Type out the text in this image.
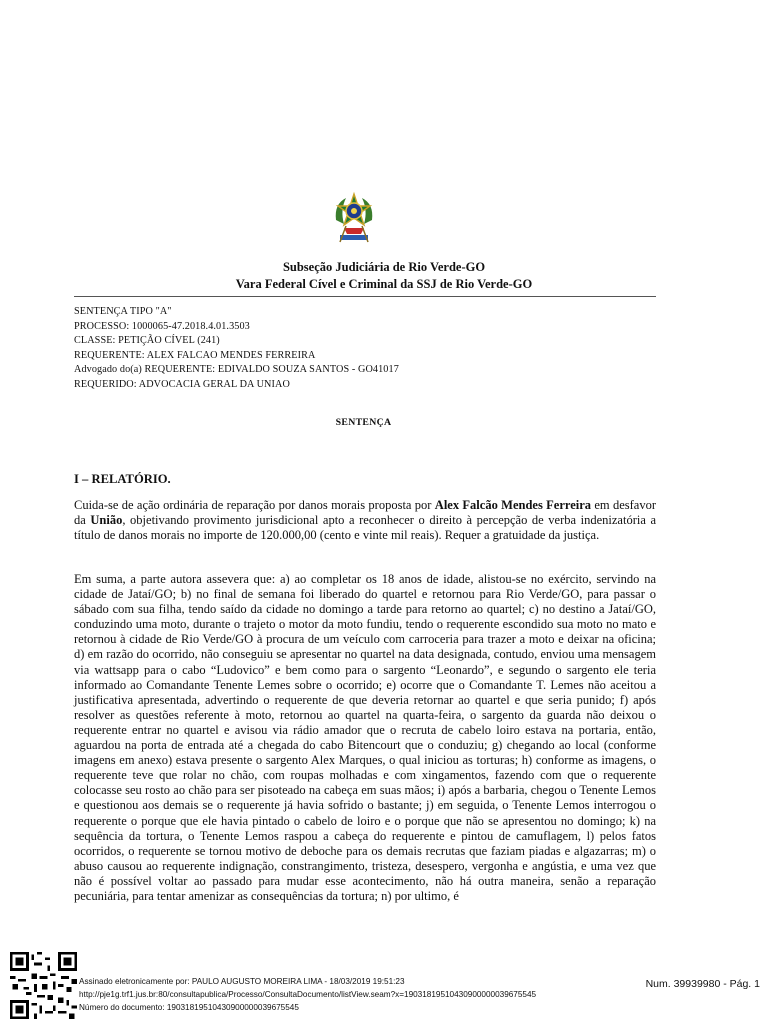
Subseção Judiciária de Rio Verde-GO
Vara Federal Cível e Criminal da SSJ de Rio Verde-GO
SENTENÇA TIPO "A"
PROCESSO: 1000065-47.2018.4.01.3503
CLASSE: PETIÇÃO CÍVEL (241)
REQUERENTE: ALEX FALCAO MENDES FERREIRA
Advogado do(a) REQUERENTE: EDIVALDO SOUZA SANTOS - GO41017
REQUERIDO: ADVOCACIA GERAL DA UNIAO
SENTENÇA
I – RELATÓRIO.
Cuida-se de ação ordinária de reparação por danos morais proposta por Alex Falcão Mendes Ferreira em desfavor da União, objetivando provimento jurisdicional apto a reconhecer o direito à percepção de verba indenizatória a título de danos morais no importe de 120.000,00 (cento e vinte mil reais). Requer a gratuidade da justiça.
Em suma, a parte autora assevera que: a) ao completar os 18 anos de idade, alistou-se no exército, servindo na cidade de Jataí/GO; b) no final de semana foi liberado do quartel e retornou para Rio Verde/GO, para passar o sábado com sua filha, tendo saído da cidade no domingo a tarde para retorno ao quartel; c) no destino a Jataí/GO, conduzindo uma moto, durante o trajeto o motor da moto fundiu, tendo o requerente escondido sua moto no mato e retornou à cidade de Rio Verde/GO à procura de um veículo com carroceria para trazer a moto e deixar na oficina; d) em razão do ocorrido, não conseguiu se apresentar no quartel na data designada, contudo, enviou uma mensagem via wattsapp para o cabo “Ludovico” e bem como para o sargento “Leonardo”, e segundo o sargento ele teria informado ao Comandante Tenente Lemes sobre o ocorrido; e) ocorre que o Comandante T. Lemes não aceitou a justificativa apresentada, advertindo o requerente de que deveria retornar ao quartel e que seria punido; f) após resolver as questões referente à moto, retornou ao quartel na quarta-feira, o sargento da guarda não deixou o requerente entrar no quartel e avisou via rádio amador que o recruta de cabelo loiro estava na portaria, então, aguardou na porta de entrada até a chegada do cabo Bitencourt que o conduziu; g) chegando ao local (conforme imagens em anexo) estava presente o sargento Alex Marques, o qual iniciou as torturas; h) conforme as imagens, o requerente teve que rolar no chão, com roupas molhadas e com xingamentos, fazendo com que o requerente colocasse seu rosto ao chão para ser pisoteado na cabeça em suas mãos; i) após a barbaria, chegou o Tenente Lemos e questionou aos demais se o requerente já havia sofrido o bastante; j) em seguida, o Tenente Lemos interrogou o requerente o porque que ele havia pintado o cabelo de loiro e o porque que não se apresentou no domingo; k) na sequência da tortura, o Tenente Lemos raspou a cabeça do requerente e pintou de camuflagem, l) pelos fatos ocorridos, o requerente se tornou motivo de deboche para os demais recrutas que faziam piadas e algazarras; m) o abuso causou ao requerente indignação, constrangimento, tristeza, desespero, vergonha e angústia, e uma vez que não é possível voltar ao passado para mudar esse acontecimento, não há outra maneira, senão a reparação pecuniária, para tentar amenizar as consequências da tortura; n) por ultimo, é
Assinado eletronicamente por: PAULO AUGUSTO MOREIRA LIMA - 18/03/2019 19:51:23
http://pje1g.trf1.jus.br:80/consultapublica/Processo/ConsultaDocumento/listView.seam?x=19031819510430900000039675545
Número do documento: 19031819510430900000039675545
Num. 39939980 - Pág. 1
